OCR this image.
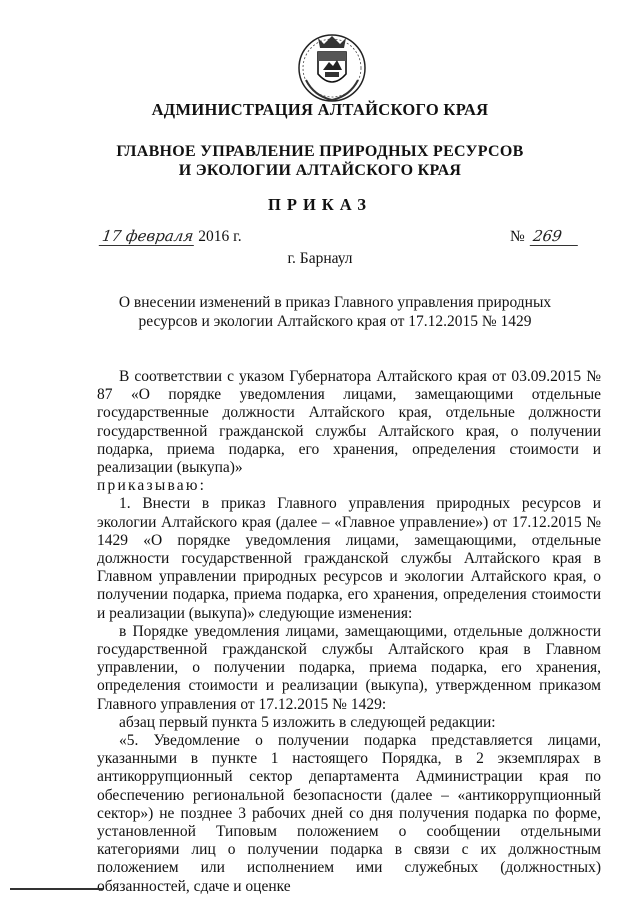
АДМИНИСТРАЦИЯ АЛТАЙСКОГО КРАЯ
ГЛАВНОЕ УПРАВЛЕНИЕ ПРИРОДНЫХ РЕСУРСОВ
И ЭКОЛОГИИ АЛТАЙСКОГО КРАЯ
ПРИКАЗ
17 февраля 2016 г.	№ 269
г. Барнаул
О внесении изменений в приказ Главного управления природных
ресурсов и экологии Алтайского края от 17.12.2015 № 1429

В соответствии с указом Губернатора Алтайского края от 03.09.2015 № 87 «О порядке уведомления лицами, замещающими отдельные государственные должности Алтайского края, отдельные должности государственной гражданской службы Алтайского края, о получении подарка, приема подарка, его хранения, определения стоимости и реализации (выкупа)»

приказываю:

1. Внести в приказ Главного управления природных ресурсов и экологии Алтайского края (далее – «Главное управление») от 17.12.2015 № 1429 «О порядке уведомления лицами, замещающими, отдельные должности государственной гражданской службы Алтайского края в Главном управлении природных ресурсов и экологии Алтайского края, о получении подарка, приема подарка, его хранения, определения стоимости и реализации (выкупа)» следующие изменения:

в Порядке уведомления лицами, замещающими, отдельные должности государственной гражданской службы Алтайского края в Главном управлении, о получении подарка, приема подарка, его хранения, определения стоимости и реализации (выкупа), утвержденном приказом Главного управления от 17.12.2015 № 1429:

абзац первый пункта 5 изложить в следующей редакции:

«5. Уведомление о получении подарка представляется лицами, указанными в пункте 1 настоящего Порядка, в 2 экземплярах в антикоррупционный сектор департамента Администрации края по обеспечению региональной безопасности (далее – «антикоррупционный сектор») не позднее 3 рабочих дней со дня получения подарка по форме, установленной Типовым положением о сообщении отдельными категориями лиц о получении подарка в связи с их должностным положением или исполнением ими служебных (должностных) обязанностей, сдаче и оценке
